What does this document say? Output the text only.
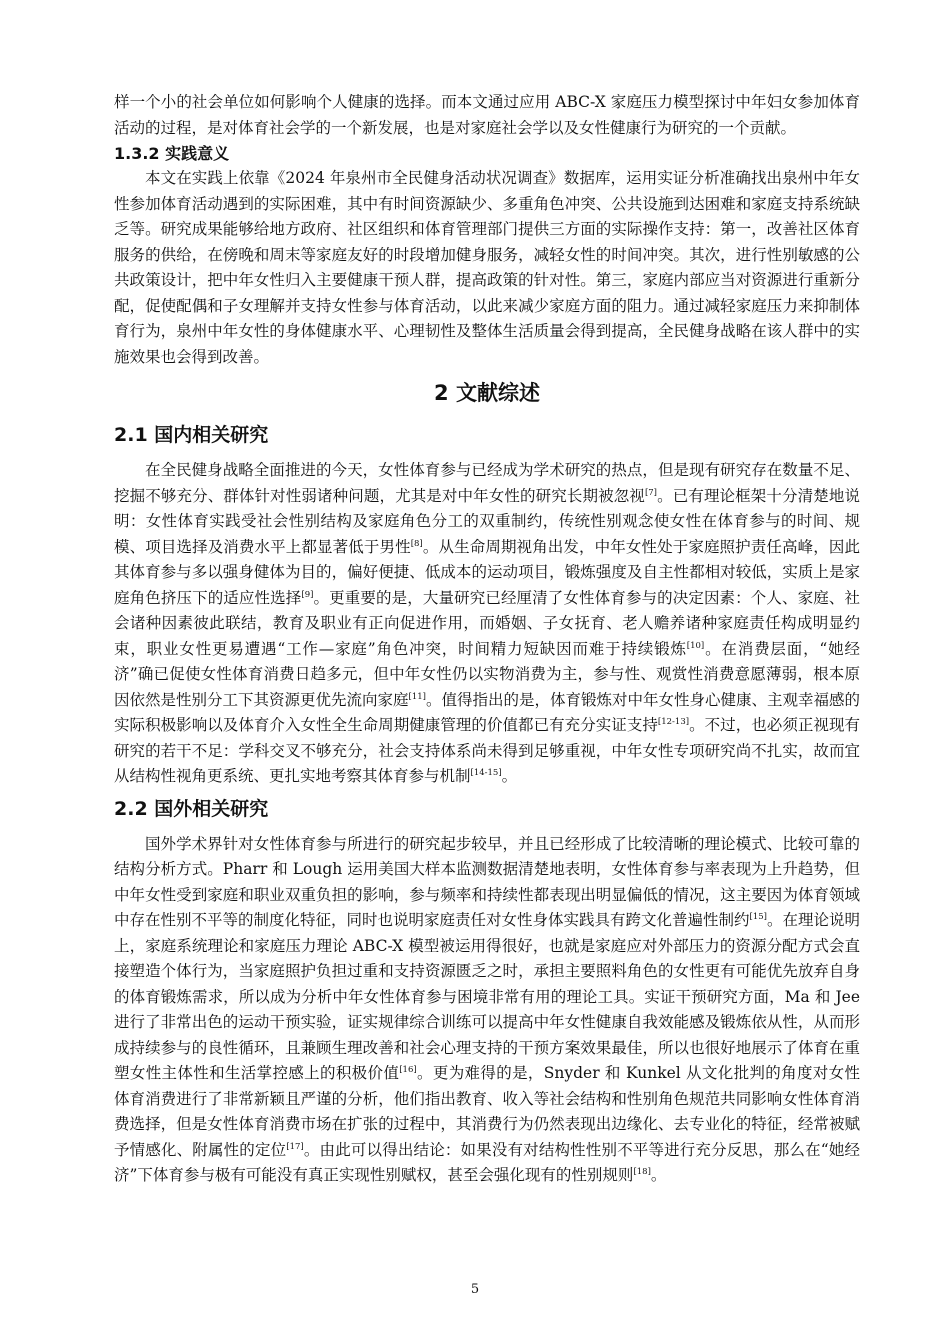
样一个小的社会单位如何影响个人健康的选择。而本文通过应用 ABC-X 家庭压力模型探讨中年妇女参加体育活动的过程，是对体育社会学的一个新发展，也是对家庭社会学以及女性健康行为研究的一个贡献。

1.3.2 实践意义

本文在实践上依靠《2024 年泉州市全民健身活动状况调查》数据库，运用实证分析准确找出泉州中年女性参加体育活动遇到的实际困难，其中有时间资源缺少、多重角色冲突、公共设施到达困难和家庭支持系统缺乏等。研究成果能够给地方政府、社区组织和体育管理部门提供三方面的实际操作支持：第一，改善社区体育服务的供给，在傍晚和周末等家庭友好的时段增加健身服务，减轻女性的时间冲突。其次，进行性别敏感的公共政策设计，把中年女性归入主要健康干预人群，提高政策的针对性。第三，家庭内部应当对资源进行重新分配，促使配偶和子女理解并支持女性参与体育活动，以此来减少家庭方面的阻力。通过减轻家庭压力来抑制体育行为，泉州中年女性的身体健康水平、心理韧性及整体生活质量会得到提高，全民健身战略在该人群中的实施效果也会得到改善。

2 文献综述
2.1 国内相关研究

在全民健身战略全面推进的今天，女性体育参与已经成为学术研究的热点，但是现有研究存在数量不足、挖掘不够充分、群体针对性弱诸种问题，尤其是对中年女性的研究长期被忽视[7]。已有理论框架十分清楚地说明：女性体育实践受社会性别结构及家庭角色分工的双重制约，传统性别观念使女性在体育参与的时间、规模、项目选择及消费水平上都显著低于男性[8]。从生命周期视角出发，中年女性处于家庭照护责任高峰，因此其体育参与多以强身健体为目的，偏好便捷、低成本的运动项目，锻炼强度及自主性都相对较低，实质上是家庭角色挤压下的适应性选择[9]。更重要的是，大量研究已经厘清了女性体育参与的决定因素：个人、家庭、社会诸种因素彼此联结，教育及职业有正向促进作用，而婚姻、子女抚育、老人赡养诸种家庭责任构成明显约束，职业女性更易遭遇“工作—家庭”角色冲突，时间精力短缺因而难于持续锻炼[10]。在消费层面，“她经济”确已促使女性体育消费日趋多元，但中年女性仍以实物消费为主，参与性、观赏性消费意愿薄弱，根本原因依然是性别分工下其资源更优先流向家庭[11]。值得指出的是，体育锻炼对中年女性身心健康、主观幸福感的实际积极影响以及体育介入女性全生命周期健康管理的价值都已有充分实证支持[12-13]。不过，也必须正视现有研究的若干不足：学科交叉不够充分，社会支持体系尚未得到足够重视，中年女性专项研究尚不扎实，故而宜从结构性视角更系统、更扎实地考察其体育参与机制[14-15]。

2.2 国外相关研究

国外学术界针对女性体育参与所进行的研究起步较早，并且已经形成了比较清晰的理论模式、比较可靠的结构分析方式。Pharr 和 Lough 运用美国大样本监测数据清楚地表明，女性体育参与率表现为上升趋势，但中年女性受到家庭和职业双重负担的影响，参与频率和持续性都表现出明显偏低的情况，这主要因为体育领域中存在性别不平等的制度化特征，同时也说明家庭责任对女性身体实践具有跨文化普遍性制约[15]。在理论说明上，家庭系统理论和家庭压力理论 ABC-X 模型被运用得很好，也就是家庭应对外部压力的资源分配方式会直接塑造个体行为，当家庭照护负担过重和支持资源匮乏之时，承担主要照料角色的女性更有可能优先放弃自身的体育锻炼需求，所以成为分析中年女性体育参与困境非常有用的理论工具。实证干预研究方面，Ma 和 Jee 进行了非常出色的运动干预实验，证实规律综合训练可以提高中年女性健康自我效能感及锻炼依从性，从而形成持续参与的良性循环，且兼顾生理改善和社会心理支持的干预方案效果最佳，所以也很好地展示了体育在重塑女性主体性和生活掌控感上的积极价值[16]。更为难得的是，Snyder 和 Kunkel 从文化批判的角度对女性体育消费进行了非常新颖且严谨的分析，他们指出教育、收入等社会结构和性别角色规范共同影响女性体育消费选择，但是女性体育消费市场在扩张的过程中，其消费行为仍然表现出边缘化、去专业化的特征，经常被赋予情感化、附属性的定位[17]。由此可以得出结论：如果没有对结构性性别不平等进行充分反思，那么在“她经济”下体育参与极有可能没有真正实现性别赋权，甚至会强化现有的性别规则[18]。

5
